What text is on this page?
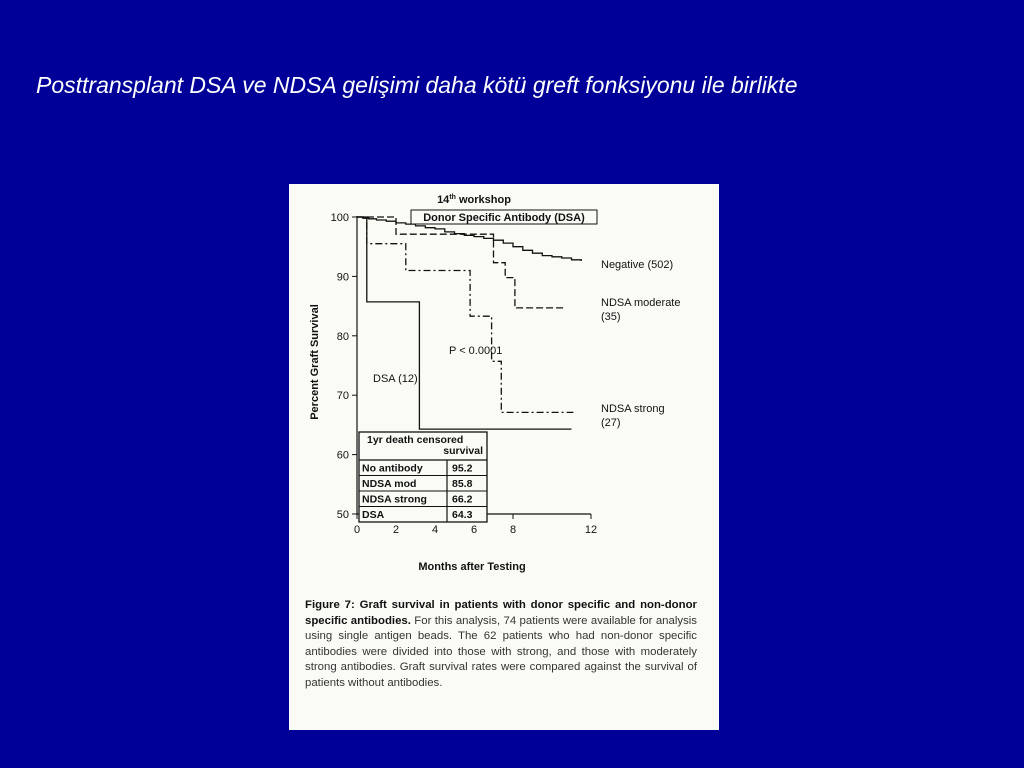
Posttransplant DSA ve NDSA gelişimi daha kötü greft fonksiyonu ile birlikte
14th workshop
Donor Specific Antibody (DSA)
50
60
70
80
90
100
0	2	4	6	8	12
Negative (502)
NDSA moderate (35)
NDSA strong (27)
DSA (12)
P < 0.0001
Months after Testing
Percent Graft Survival
1yr death censored
survival
No antibody	95.2
NDSA mod	85.8
NDSA strong 66.2
DSA	64.3
Figure 7: Graft survival in patients with donor specific and non-donor specific antibodies. For this analysis, 74 patients were available for analysis using single antigen beads. The 62 patients who had non-donor specific antibodies were divided into those with strong, and those with moderately strong antibodies. Graft survival rates were compared against the survival of patients without antibodies.
